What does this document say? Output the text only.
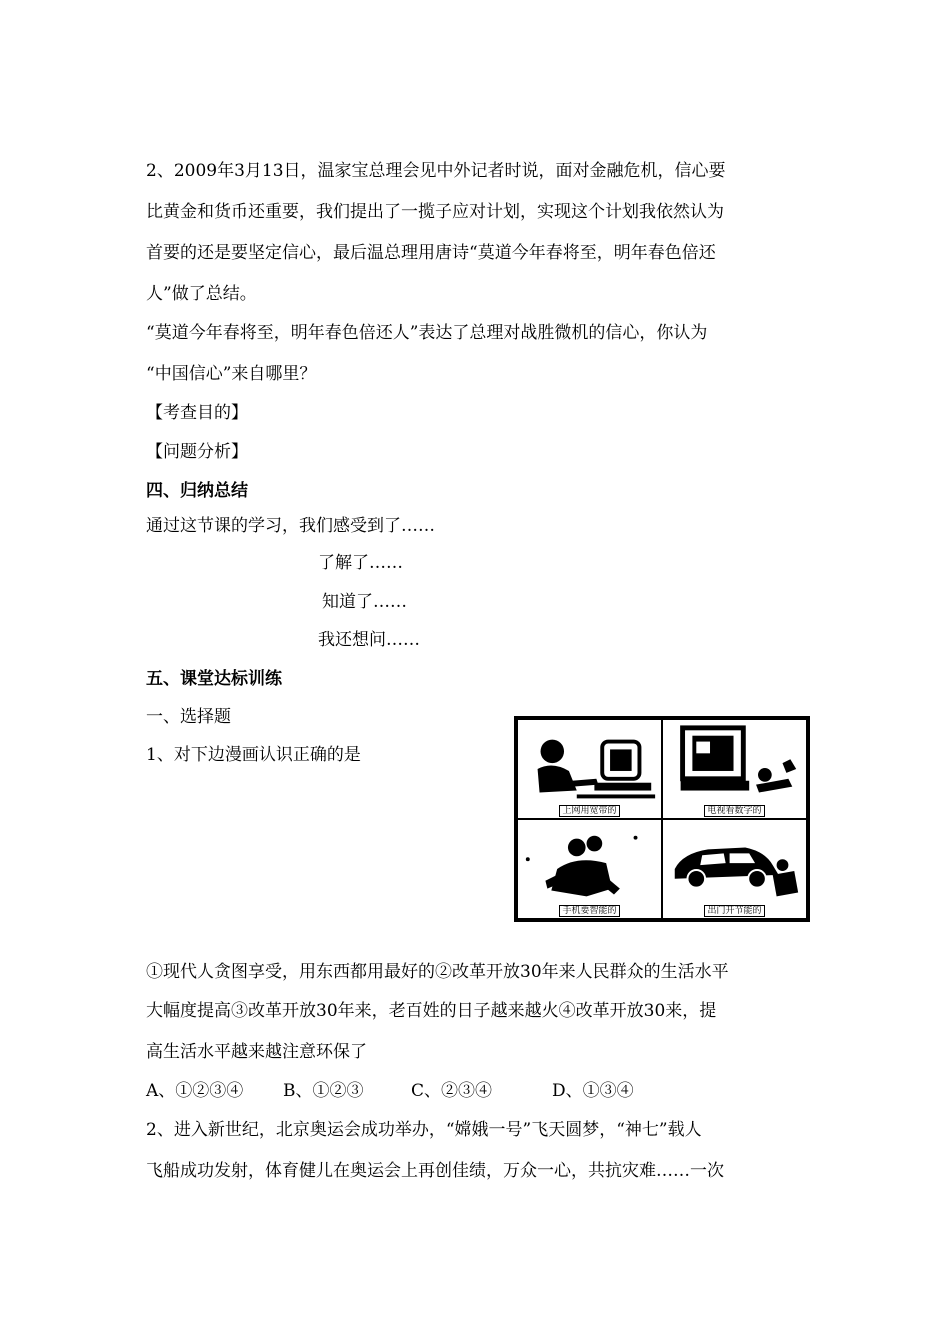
2、2009年3月13日，温家宝总理会见中外记者时说，面对金融危机，信心要
比黄金和货币还重要，我们提出了一揽子应对计划，实现这个计划我依然认为
首要的还是要坚定信心，最后温总理用唐诗“莫道今年春将至，明年春色倍还
人”做了总结。
“莫道今年春将至，明年春色倍还人”表达了总理对战胜微机的信心，你认为
“中国信心”来自哪里？
【考查目的】
【问题分析】
四、归纳总结
通过这节课的学习，我们感受到了……
了解了……
知道了……
我还想问……
五、课堂达标训练
一、选择题
1、对下边漫画认识正确的是
上网用宽带的	电视看数字的
手机要智能的	出门开节能的
①现代人贪图享受，用东西都用最好的②改革开放30年来人民群众的生活水平
大幅度提高③改革开放30年来，老百姓的日子越来越火④改革开放30来，提
高生活水平越来越注意环保了
A、①②③④ B、①②③	C、②③④	D、①③④
2、进入新世纪，北京奥运会成功举办，“嫦娥一号”飞天圆梦，“神七”载人
飞船成功发射，体育健儿在奥运会上再创佳绩，万众一心，共抗灾难……一次
